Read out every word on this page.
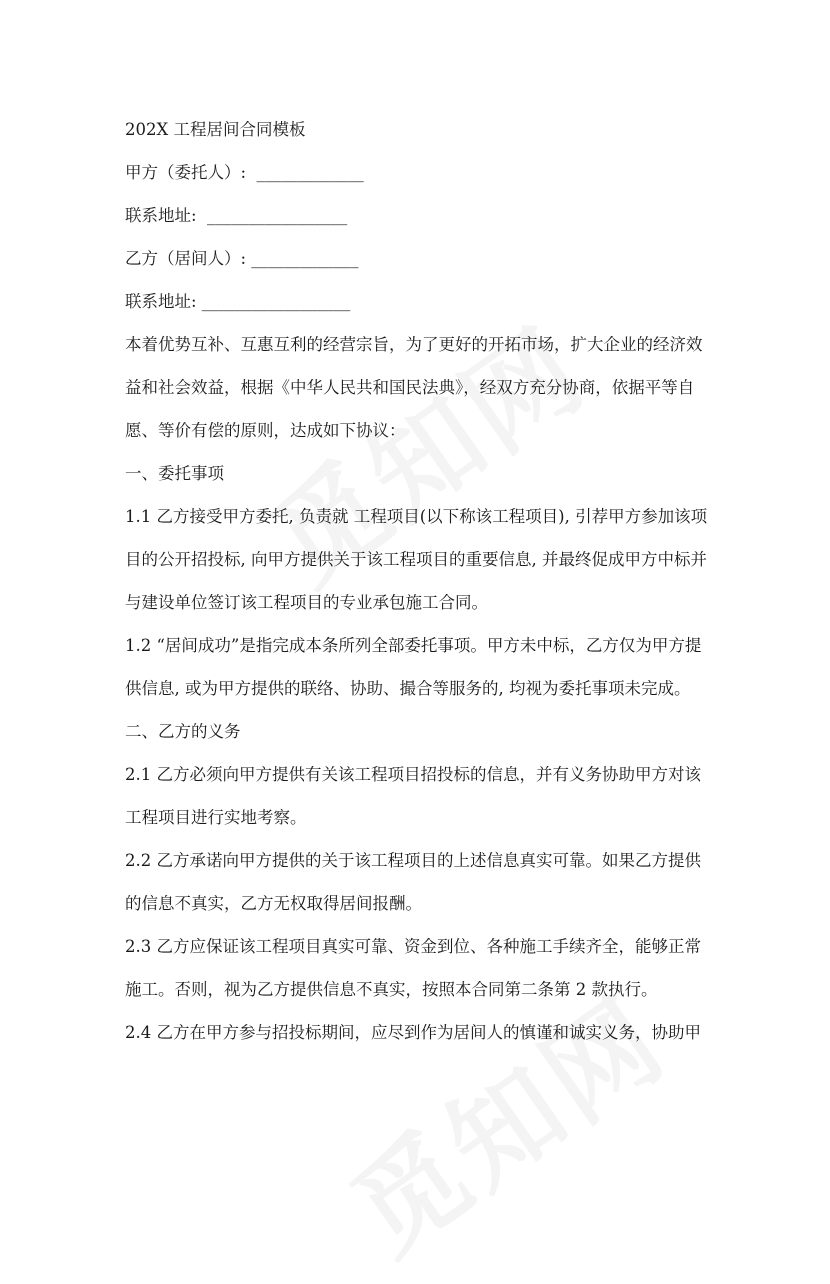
202X 工程居间合同模板

甲方（委托人）:  _____________

联系地址:  _________________

乙方（居间人）: _____________

联系地址: __________________

本着优势互补、互惠互利的经营宗旨，为了更好的开拓市场，扩大企业的经济效益和社会效益，根据《中华人民共和国民法典》，经双方充分协商，依据平等自愿、等价有偿的原则，达成如下协议：

一、委托事项

1.1 乙方接受甲方委托, 负责就 工程项目(以下称该工程项目), 引荐甲方参加该项目的公开招投标, 向甲方提供关于该工程项目的重要信息, 并最终促成甲方中标并与建设单位签订该工程项目的专业承包施工合同。

1.2 “居间成功”是指完成本条所列全部委托事项。甲方未中标，乙方仅为甲方提供信息, 或为甲方提供的联络、协助、撮合等服务的, 均视为委托事项未完成。

二、乙方的义务

2.1 乙方必须向甲方提供有关该工程项目招投标的信息，并有义务协助甲方对该工程项目进行实地考察。

2.2 乙方承诺向甲方提供的关于该工程项目的上述信息真实可靠。如果乙方提供的信息不真实，乙方无权取得居间报酬。

2.3 乙方应保证该工程项目真实可靠、资金到位、各种施工手续齐全，能够正常施工。否则，视为乙方提供信息不真实，按照本合同第二条第 2 款执行。

2.4 乙方在甲方参与招投标期间，应尽到作为居间人的慎谨和诚实义务，协助甲
